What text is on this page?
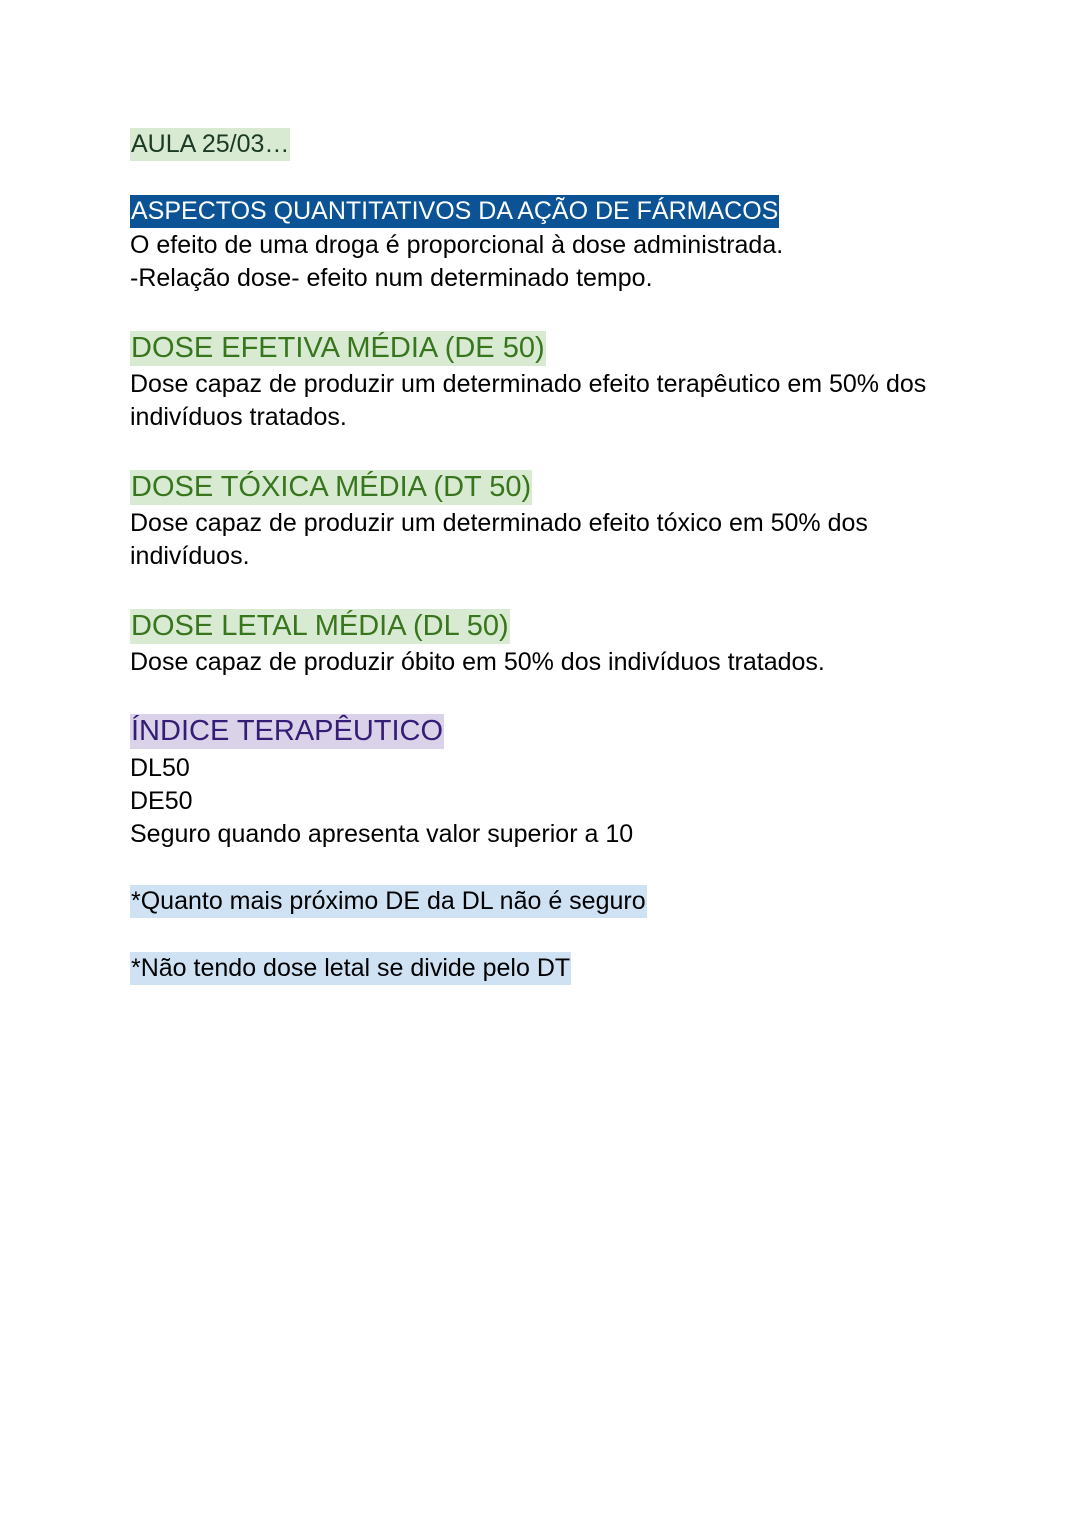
AULA 25/03…
ASPECTOS QUANTITATIVOS DA AÇÃO DE FÁRMACOS
O efeito de uma droga é proporcional à dose administrada.
-Relação dose- efeito num determinado tempo.
DOSE EFETIVA MÉDIA (DE 50)
Dose capaz de produzir um determinado efeito terapêutico em 50% dos
indivíduos tratados.
DOSE TÓXICA MÉDIA (DT 50)
Dose capaz de produzir um determinado efeito tóxico em 50% dos
indivíduos.
DOSE LETAL MÉDIA (DL 50)
Dose capaz de produzir óbito em 50% dos indivíduos tratados.
ÍNDICE TERAPÊUTICO
DL50
DE50
Seguro quando apresenta valor superior a 10
*Quanto mais próximo DE da DL não é seguro
*Não tendo dose letal se divide pelo DT
